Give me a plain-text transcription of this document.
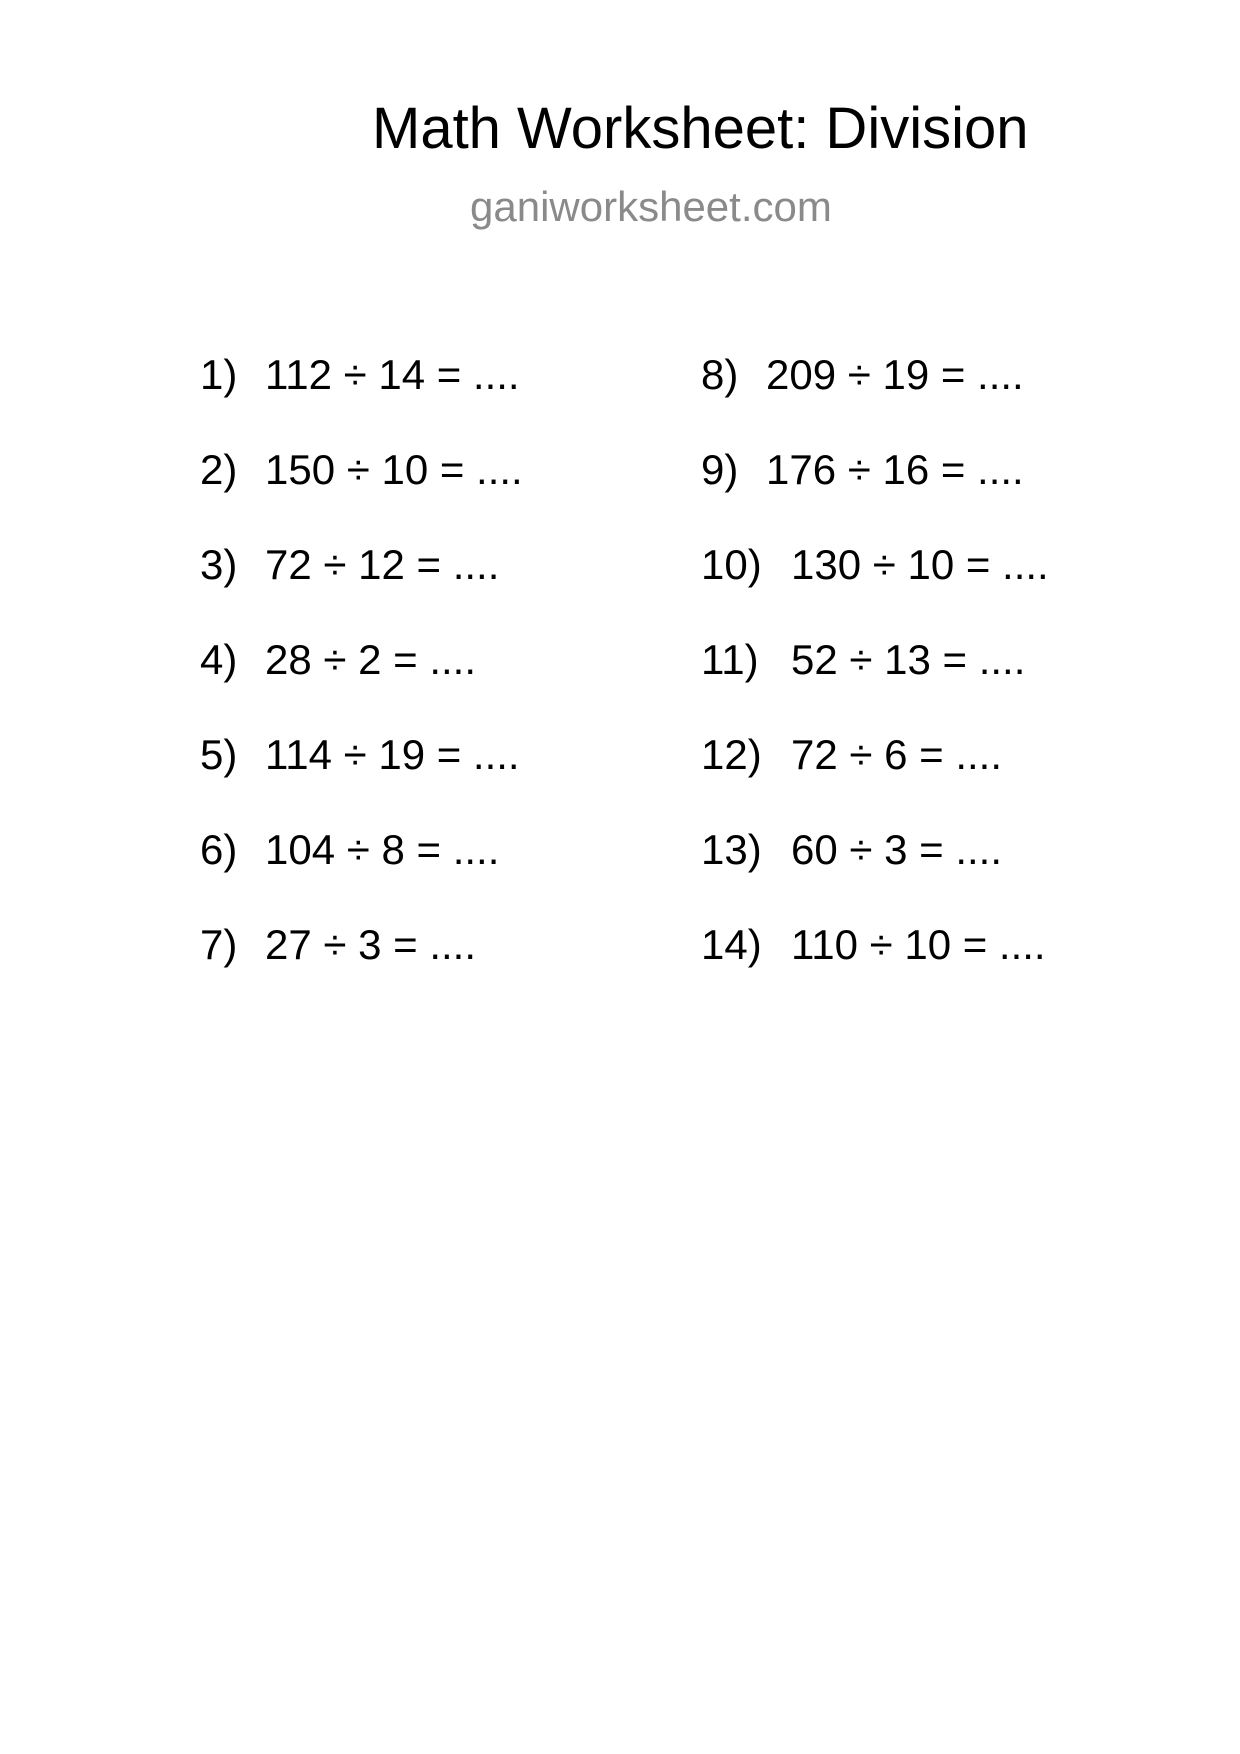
Math Worksheet: Division
ganiworksheet.com
1) 112 ÷ 14 = ....
2) 150 ÷ 10 = ....
3) 72 ÷ 12 = ....
4) 28 ÷ 2 = ....
5) 114 ÷ 19 = ....
6) 104 ÷ 8 = ....
7) 27 ÷ 3 = ....
8) 209 ÷ 19 = ....
9) 176 ÷ 16 = ....
10) 130 ÷ 10 = ....
11) 52 ÷ 13 = ....
12) 72 ÷ 6 = ....
13) 60 ÷ 3 = ....
14) 110 ÷ 10 = ....
